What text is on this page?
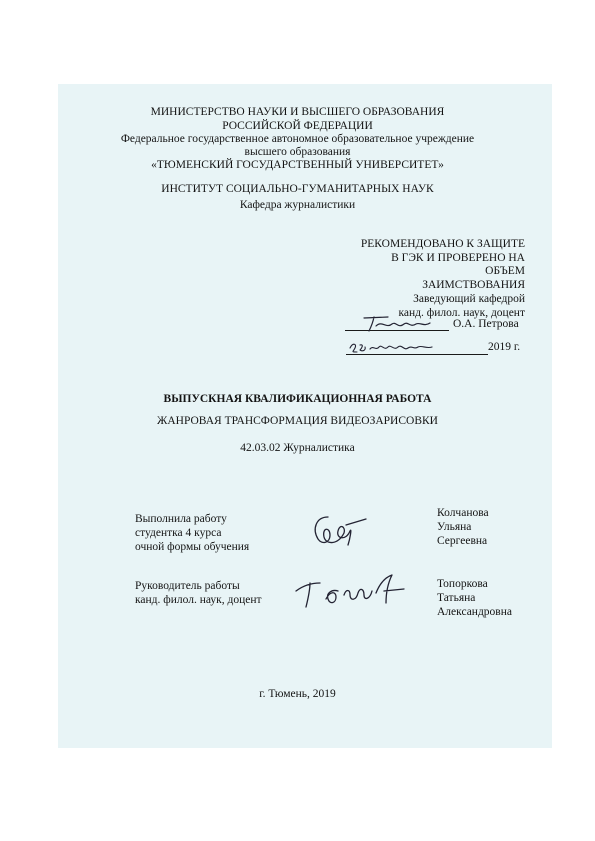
МИНИСТЕРСТВО НАУКИ И ВЫСШЕГО ОБРАЗОВАНИЯ
РОССИЙСКОЙ ФЕДЕРАЦИИ
Федеральное государственное автономное образовательное учреждение
высшего образования
«ТЮМЕНСКИЙ ГОСУДАРСТВЕННЫЙ УНИВЕРСИТЕТ»
ИНСТИТУТ СОЦИАЛЬНО-ГУМАНИТАРНЫХ НАУК
Кафедра журналистики
РЕКОМЕНДОВАНО К ЗАЩИТЕ
В ГЭК И ПРОВЕРЕНО НА
ОБЪЕМ
ЗАИМСТВОВАНИЯ
Заведующий кафедрой
канд. филол. наук, доцент
О.А. Петрова
2019 г.
ВЫПУСКНАЯ КВАЛИФИКАЦИОННАЯ РАБОТА
ЖАНРОВАЯ ТРАНСФОРМАЦИЯ ВИДЕОЗАРИСОВКИ
42.03.02 Журналистика
Выполнила работу
студентка 4 курса
очной формы обучения
Колчанова
Ульяна
Сергеевна
Руководитель работы
канд. филол. наук, доцент
Топоркова
Татьяна
Александровна
г. Тюмень, 2019
